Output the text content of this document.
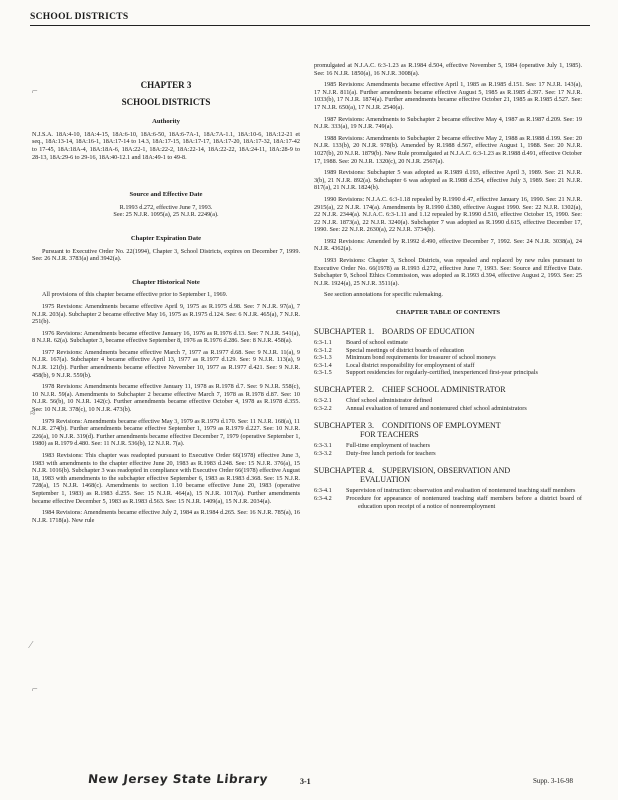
SCHOOL DISTRICTS
⌐
≈
⁄
⌐
CHAPTER 3
SCHOOL DISTRICTS
Authority

N.J.S.A. 18A:4-10, 18A:4-15, 18A:6-10, 18A:6-50, 18A:6-7A-1, 18A:7A-1.1, 18A:10-6, 18A:12-21 et seq., 18A:13-14, 18A:16-1, 18A:17-14 to 14.3, 18A:17-15, 18A:17-17, 18A:17-20, 18A:17-32, 18A:17-42 to 17-45, 18A:18A-4, 18A:18A-6, 18A:22-1, 18A:22-2, 18A:22-14, 18A:22-22, 18A:24-11, 18A:28-9 to 28-13, 18A:29-6 to 29-16, 18A:40-12.1 and 18A:49-1 to 49-8.

Source and Effective Date

R.1993 d.272, effective June 7, 1993.

See: 25 N.J.R. 1095(a), 25 N.J.R. 2249(a).

Chapter Expiration Date

Pursuant to Executive Order No. 22(1994), Chapter 3, School Districts, expires on December 7, 1999. See: 26 N.J.R. 3783(a) and 3942(a).

Chapter Historical Note

All provisions of this chapter became effective prior to September 1, 1969.

1975 Revisions: Amendments became effective April 9, 1975 as R.1975 d.98. See: 7 N.J.R. 97(a), 7 N.J.R. 203(a). Subchapter 2 became effective May 16, 1975 as R.1975 d.124. See: 6 N.J.R. 465(a), 7 N.J.R. 251(b).

1976 Revisions: Amendments became effective January 16, 1976 as R.1976 d.13. See: 7 N.J.R. 541(a), 8 N.J.R. 62(a). Subchapter 3, became effective September 8, 1976 as R.1976 d.286. See: 8 N.J.R. 458(a).

1977 Revisions: Amendments became effective March 7, 1977 as R.1977 d.68. See: 9 N.J.R. 11(a), 9 N.J.R. 167(a). Subchapter 4 became effective April 13, 1977 as R.1977 d.129. See: 9 N.J.R. 113(a), 9 N.J.R. 121(b). Further amendments became effective November 10, 1977 as R.1977 d.421. See: 9 N.J.R. 458(b), 9 N.J.R. 559(b).

1978 Revisions: Amendments became effective January 11, 1978 as R.1978 d.7. See: 9 N.J.R. 558(c), 10 N.J.R. 59(a). Amendments to Subchapter 2 became effective March 7, 1978 as R.1978 d.87. See: 10 N.J.R. 56(b), 10 N.J.R. 142(c). Further amendments became effective October 4, 1978 as R.1978 d.355. See: 10 N.J.R. 378(c), 10 N.J.R. 473(b).

1979 Revisions: Amendments became effective May 3, 1979 as R.1979 d.170. See: 11 N.J.R. 168(a), 11 N.J.R. 274(b). Further amendments became effective September 1, 1979 as R.1979 d.227. See: 10 N.J.R. 226(a), 10 N.J.R. 319(d). Further amendments became effective December 7, 1979 (operative September 1, 1980) as R.1979 d.480. See: 11 N.J.R. 536(b), 12 N.J.R. 7(a).

1983 Revisions: This chapter was readopted pursuant to Executive Order 66(1978) effective June 3, 1983 with amendments to the chapter effective June 20, 1983 as R.1983 d.248. See: 15 N.J.R. 376(a), 15 N.J.R. 1016(b). Subchapter 3 was readopted in compliance with Executive Order 66(1978) effective August 18, 1983 with amendments to the subchapter effective September 6, 1983 as R.1983 d.368. See: 15 N.J.R. 728(a), 15 N.J.R. 1468(c). Amendments to section 1.10 became effective June 20, 1983 (operative September 1, 1983) as R.1983 d.255. See: 15 N.J.R. 464(a), 15 N.J.R. 1017(a). Further amendments became effective December 5, 1983 as R.1983 d.563. See: 15 N.J.R. 1409(a), 15 N.J.R. 2034(a).

1984 Revisions: Amendments became effective July 2, 1984 as R.1984 d.265. See: 16 N.J.R. 785(a), 16 N.J.R. 1718(a). New rule

promulgated at N.J.A.C. 6:3-1.23 as R.1984 d.504, effective November 5, 1984 (operative July 1, 1985). See: 16 N.J.R. 1850(a), 16 N.J.R. 3008(a).

1985 Revisions: Amendments became effective April 1, 1985 as R.1985 d.151. See: 17 N.J.R. 143(a), 17 N.J.R. 811(a). Further amendments became effective August 5, 1985 as R.1985 d.397. See: 17 N.J.R. 1033(b), 17 N.J.R. 1874(a). Further amendments became effective October 21, 1985 as R.1985 d.527. See: 17 N.J.R. 650(a), 17 N.J.R. 2540(a).

1987 Revisions: Amendments to Subchapter 2 became effective May 4, 1987 as R.1987 d.209. See: 19 N.J.R. 333(a), 19 N.J.R. 749(a).

1988 Revisions: Amendments to Subchapter 2 became effective May 2, 1988 as R.1988 d.199. See: 20 N.J.R. 133(b), 20 N.J.R. 978(b). Amended by R.1988 d.567, effective August 1, 1988. See: 20 N.J.R. 1027(b), 20 N.J.R. 1879(b). New Rule promulgated at N.J.A.C. 6:3-1.23 as R.1988 d.491, effective October 17, 1988. See: 20 N.J.R. 1320(c), 20 N.J.R. 2567(a).

1989 Revisions: Subchapter 5 was adopted as R.1989 d.193, effective April 3, 1989. See: 21 N.J.R. 3(b), 21 N.J.R. 892(a). Subchapter 6 was adopted as R.1988 d.354, effective July 3, 1989. See: 21 N.J.R. 817(a), 21 N.J.R. 1824(b).

1990 Revisions: N.J.A.C. 6:3-1.18 repealed by R.1990 d.47, effective January 16, 1990. See: 21 N.J.R. 2915(a), 22 N.J.R. 174(a). Amendments by R.1990 d.380, effective August 1990. See: 22 N.J.R. 1302(a), 22 N.J.R. 2344(a). N.J.A.C. 6:3-1.11 and 1.12 repealed by R.1990 d.510, effective October 15, 1990. See: 22 N.J.R. 1873(a), 22 N.J.R. 3240(a). Subchapter 7 was adopted as R.1990 d.615, effective December 17, 1990. See: 22 N.J.R. 2630(a), 22 N.J.R. 3734(b).

1992 Revisions: Amended by R.1992 d.490, effective December 7, 1992. See: 24 N.J.R. 3038(a), 24 N.J.R. 4362(a).

1993 Revisions: Chapter 3, School Districts, was repealed and replaced by new rules pursuant to Executive Order No. 66(1978) as R.1993 d.272, effective June 7, 1993. See: Source and Effective Date. Subchapter 9, School Ethics Commission, was adopted as R.1993 d.394, effective August 2, 1993. See: 25 N.J.R. 1924(a), 25 N.J.R. 3511(a).

See section annotations for specific rulemaking.

CHAPTER TABLE OF CONTENTS
SUBCHAPTER 1. BOARDS OF EDUCATION
6:3-1.1	Board of school estimate
6:3-1.2	Special meetings of district boards of education
6:3-1.3	Minimum bond requirements for treasurer of school moneys
6:3-1.4	Local district responsibility for employment of staff
6:3-1.5	Support residencies for regularly-certified, inexperienced first-year principals
SUBCHAPTER 2. CHIEF SCHOOL ADMINISTRATOR
6:3-2.1	Chief school administrator defined
6:3-2.2	Annual evaluation of tenured and nontenured chief school administrators
SUBCHAPTER 3. CONDITIONS OF EMPLOYMENT
FOR TEACHERS
6:3-3.1	Full-time employment of teachers
6:3-3.2	Duty-free lunch periods for teachers
SUBCHAPTER 4. SUPERVISION, OBSERVATION AND
EVALUATION
6:3-4.1	Supervision of instruction: observation and evaluation of nontenured teaching staff members
6:3-4.2	Procedure for appearance of nontenured teaching staff members before a district board of education upon receipt of a notice of nonreemployment
New Jersey State Library	3-1	Supp. 3-16-98
